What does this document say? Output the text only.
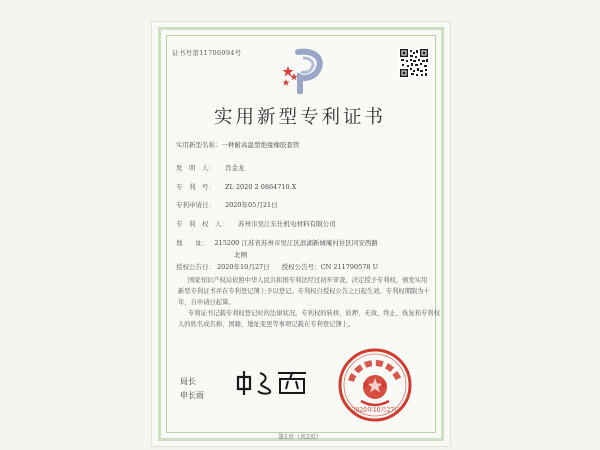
证书号第11706994号
实用新型专利证书
实用新型名称：一种耐高温型绝缘橡胶套管
发　明　人： 肖金龙
专　利　号： ZL 2020 2 0864710.X
专利申请日： 2020年05月21日
专　利　权　人： 苏州市吴江东仕机电材料有限公司
地　　址： 215200 江苏省苏州市吴江区滨湖新城庵村社区同安西路
北侧
授权公告日： 2020年10月27日 授权公告号：CN 211790578 U
国家知识产权局依照中华人民共和国专利法经过初步审查，决定授予专利权，颁发实用
新型专利证书并在专利登记簿上予以登记。专利权自授权公告之日起生效。专利权期限为十
年，自申请日起算。
专利证书记载专利权登记时的法律状况。专利权的转移、质押、无效、终止、恢复和专利权
人的姓名或名称、国籍、地址变更等事项记载在专利登记簿上。
局长
申长雨
2020年10月27日
第1页（共2页）
